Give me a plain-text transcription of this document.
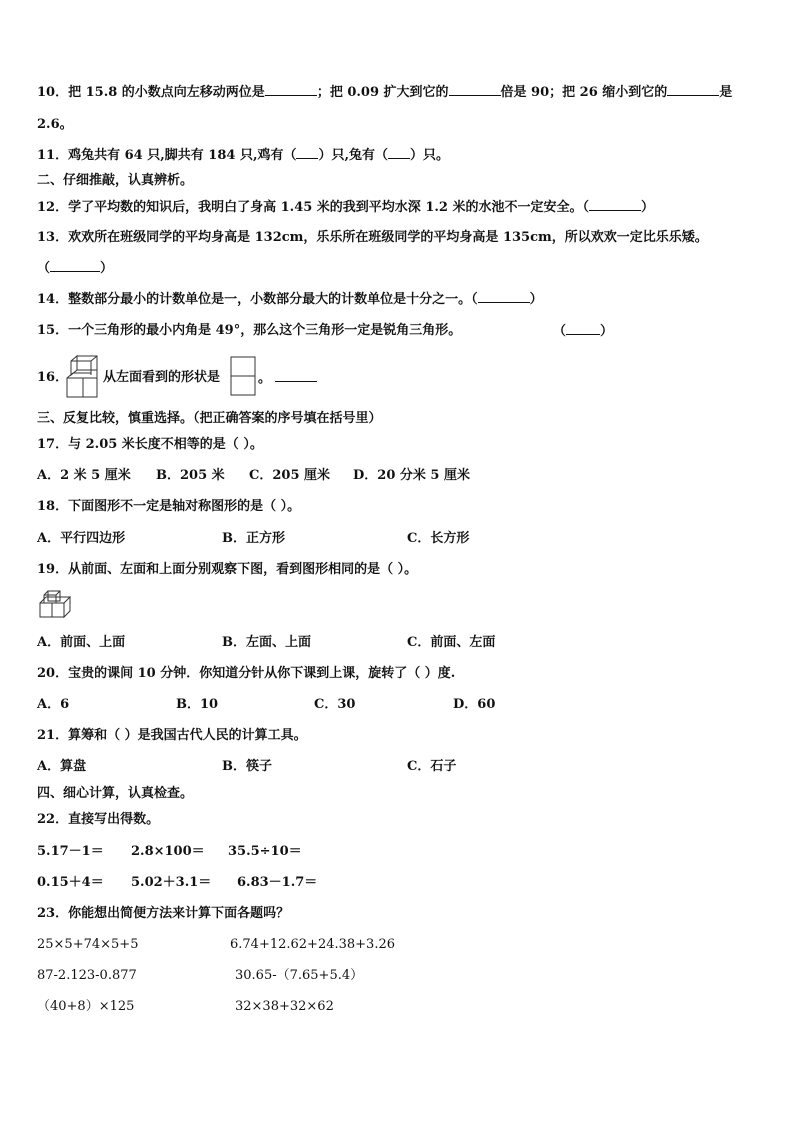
10．把 15.8 的小数点向左移动两位是	；把 0.09 扩大到它的	倍是 90；把 26 缩小到它的	是
2.6。
11．鸡兔共有 64 只,脚共有 184 只,鸡有（ ）只,兔有（ ）只。
二、仔细推敲，认真辨析。
12．学了平均数的知识后，我明白了身高 1.45 米的我到平均水深 1.2 米的水池不一定安全。（	）
13．欢欢所在班级同学的平均身高是 132cm，乐乐所在班级同学的平均身高是 135cm，所以欢欢一定比乐乐矮。
（	）
14．整数部分最小的计数单位是一，小数部分最大的计数单位是十分之一。（	）
15．一个三角形的最小内角是 49°，那么这个三角形一定是锐角三角形。	（	）
16．	从左面看到的形状是	。
三、反复比较，慎重选择。（把正确答案的序号填在括号里）
17．与 2.05 米长度不相等的是（ ）。
A．2 米 5 厘米 B．205 米 C．205 厘米 D．20 分米 5 厘米
18．下面图形不一定是轴对称图形的是（ ）。
A．平行四边形	B．正方形	C．长方形
19．从前面、左面和上面分别观察下图，看到图形相同的是（ ）。
A．前面、上面	B．左面、上面	C．前面、左面
20．宝贵的课间 10 分钟．你知道分针从你下课到上课，旋转了（ ）度.
A．6	B．10	C．30	D．60
21．算筹和（ ）是我国古代人民的计算工具。
A．算盘	B．筷子	C．石子
四、细心计算，认真检查。
22．直接写出得数。
5.17－1＝ 2.8×100＝ 35.5÷10＝
0.15＋4＝ 5.02＋3.1＝ 6.83－1.7＝
23．你能想出简便方法来计算下面各题吗？
25×5+74×5+5	6.74+12.62+24.38+3.26
87-2.123-0.877	30.65-（7.65+5.4）
（40+8）×125	32×38+32×62
